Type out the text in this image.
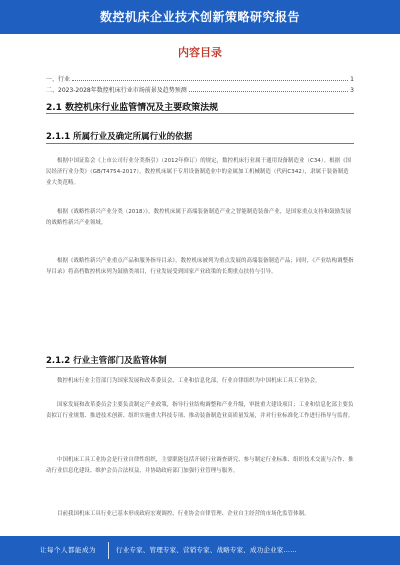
数控机床企业技术创新策略研究报告
内容目录
一、行业	1
二、2023-2028年数控机床行业市场前景及趋势预测	3
2.1 数控机床行业监管情况及主要政策法规
2.1.1 所属行业及确定所属行业的依据
根据中国证监会《上市公司行业分类指引》（2012年修订）的规定，数控机床行业属于通用设备制造业（C34）。根据《国民经济行业分类》（GB/T4754-2017），数控机床属于专用设备制造业中的金属加工机械制造（代码C342），隶属于装备制造业大类范畴。
根据《战略性新兴产业分类（2018）》，数控机床属于高端装备制造产业之智能制造装备产业，是国家重点支持和鼓励发展的战略性新兴产业领域。
根据《战略性新兴产业重点产品和服务指导目录》，数控机床被列为重点发展的高端装备制造产品；同时，《产业结构调整指导目录》将高档数控机床列为鼓励类项目，行业发展受到国家产业政策的长期重点扶持与引导。
2.1.2 行业主管部门及监管体制
数控机床行业主管部门为国家发展和改革委员会、工业和信息化部，行业自律组织为中国机床工具工业协会。
国家发展和改革委员会主要负责制定产业政策，指导行业结构调整和产业升级，审批重大建设项目；工业和信息化部主要负责拟订行业规划、推进技术创新、组织实施重大科技专项、推动装备制造业高质量发展，并对行业标准化工作进行指导与监督。
中国机床工具工业协会是行业自律性组织，主要职能包括开展行业调查研究、参与制定行业标准、组织技术交流与合作、推动行业信息化建设、维护会员合法权益，并协助政府部门加强行业管理与服务。
目前我国机床工具行业已基本形成政府宏观调控、行业协会自律管理、企业自主经营的市场化监管体制。
让每个人都能成为	行业专家、管理专家、营销专家、战略专家、成功企业家……
